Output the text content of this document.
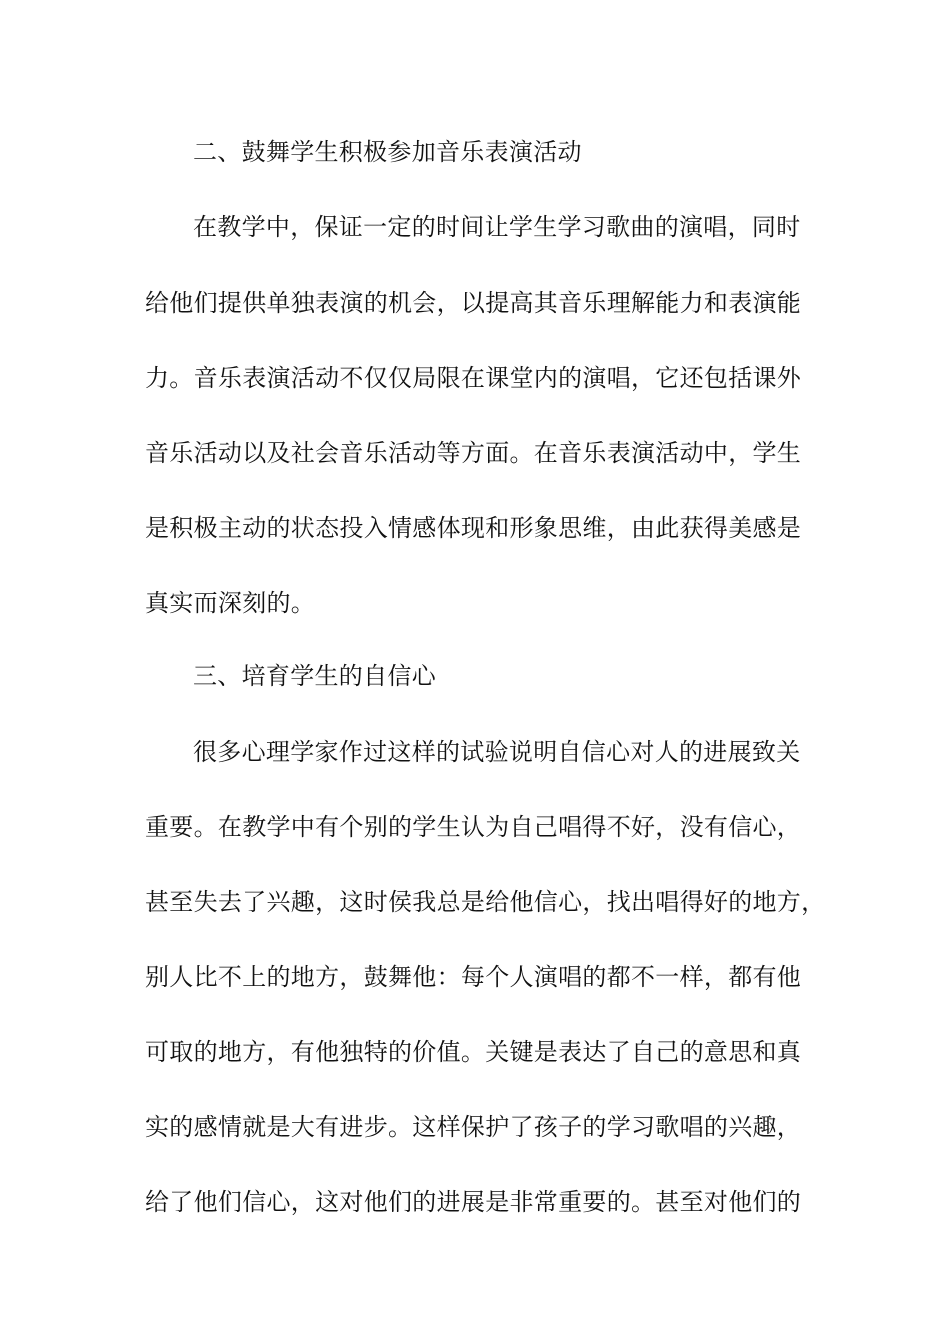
二、鼓舞学生积极参加音乐表演活动
在教学中，保证一定的时间让学生学习歌曲的演唱，同时
给他们提供单独表演的机会，以提高其音乐理解能力和表演能
力。音乐表演活动不仅仅局限在课堂内的演唱，它还包括课外
音乐活动以及社会音乐活动等方面。在音乐表演活动中，学生
是积极主动的状态投入情感体现和形象思维，由此获得美感是
真实而深刻的。
三、培育学生的自信心
很多心理学家作过这样的试验说明自信心对人的进展致关
重要。在教学中有个别的学生认为自己唱得不好，没有信心，
甚至失去了兴趣，这时侯我总是给他信心，找出唱得好的地方，
别人比不上的地方，鼓舞他：每个人演唱的都不一样，都有他
可取的地方，有他独特的价值。关键是表达了自己的意思和真
实的感情就是大有进步。这样保护了孩子的学习歌唱的兴趣，
给了他们信心，这对他们的进展是非常重要的。甚至对他们的
